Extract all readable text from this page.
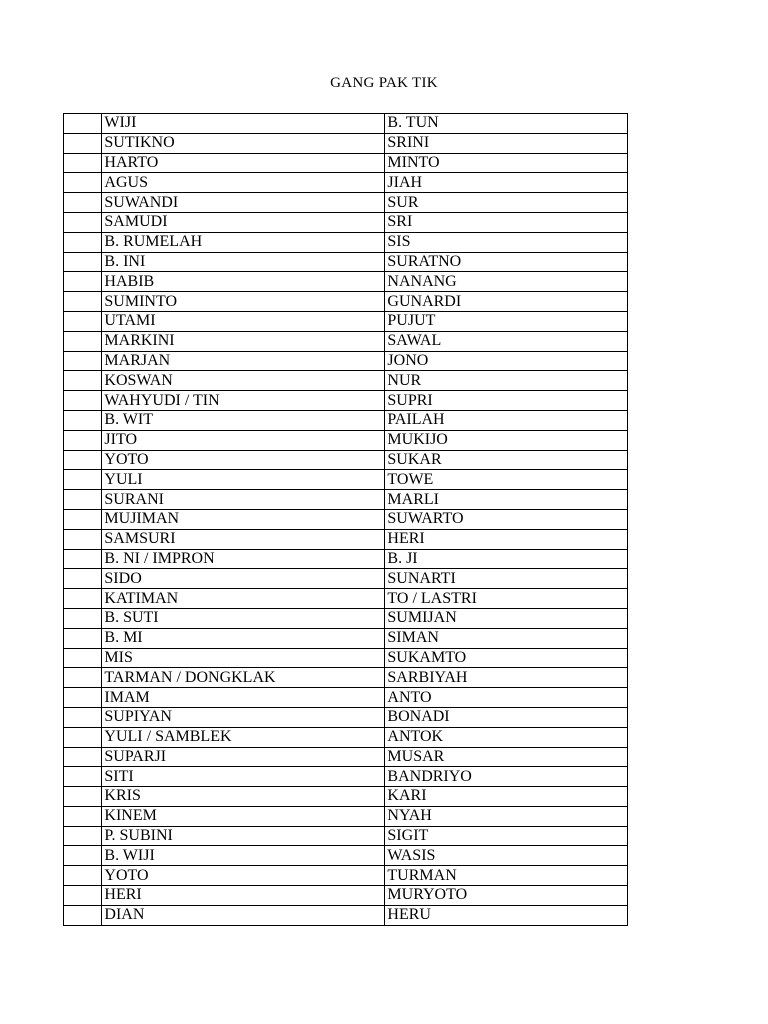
GANG PAK TIK
	WIJI	B. TUN
	SUTIKNO	SRINI
	HARTO	MINTO
	AGUS	JIAH
	SUWANDI	SUR
	SAMUDI	SRI
	B. RUMELAH	SIS
	B. INI	SURATNO
	HABIB	NANANG
	SUMINTO	GUNARDI
	UTAMI	PUJUT
	MARKINI	SAWAL
	MARJAN	JONO
	KOSWAN	NUR
	WAHYUDI / TIN	SUPRI
	B. WIT	PAILAH
	JITO	MUKIJO
	YOTO	SUKAR
	YULI	TOWE
	SURANI	MARLI
	MUJIMAN	SUWARTO
	SAMSURI	HERI
	B. NI / IMPRON	B. JI
	SIDO	SUNARTI
	KATIMAN	TO / LASTRI
	B. SUTI	SUMIJAN
	B. MI	SIMAN
	MIS	SUKAMTO
	TARMAN / DONGKLAK	SARBIYAH
	IMAM	ANTO
	SUPIYAN	BONADI
	YULI / SAMBLEK	ANTOK
	SUPARJI	MUSAR
	SITI	BANDRIYO
	KRIS	KARI
	KINEM	NYAH
	P. SUBINI	SIGIT
	B. WIJI	WASIS
	YOTO	TURMAN
	HERI	MURYOTO
	DIAN	HERU
